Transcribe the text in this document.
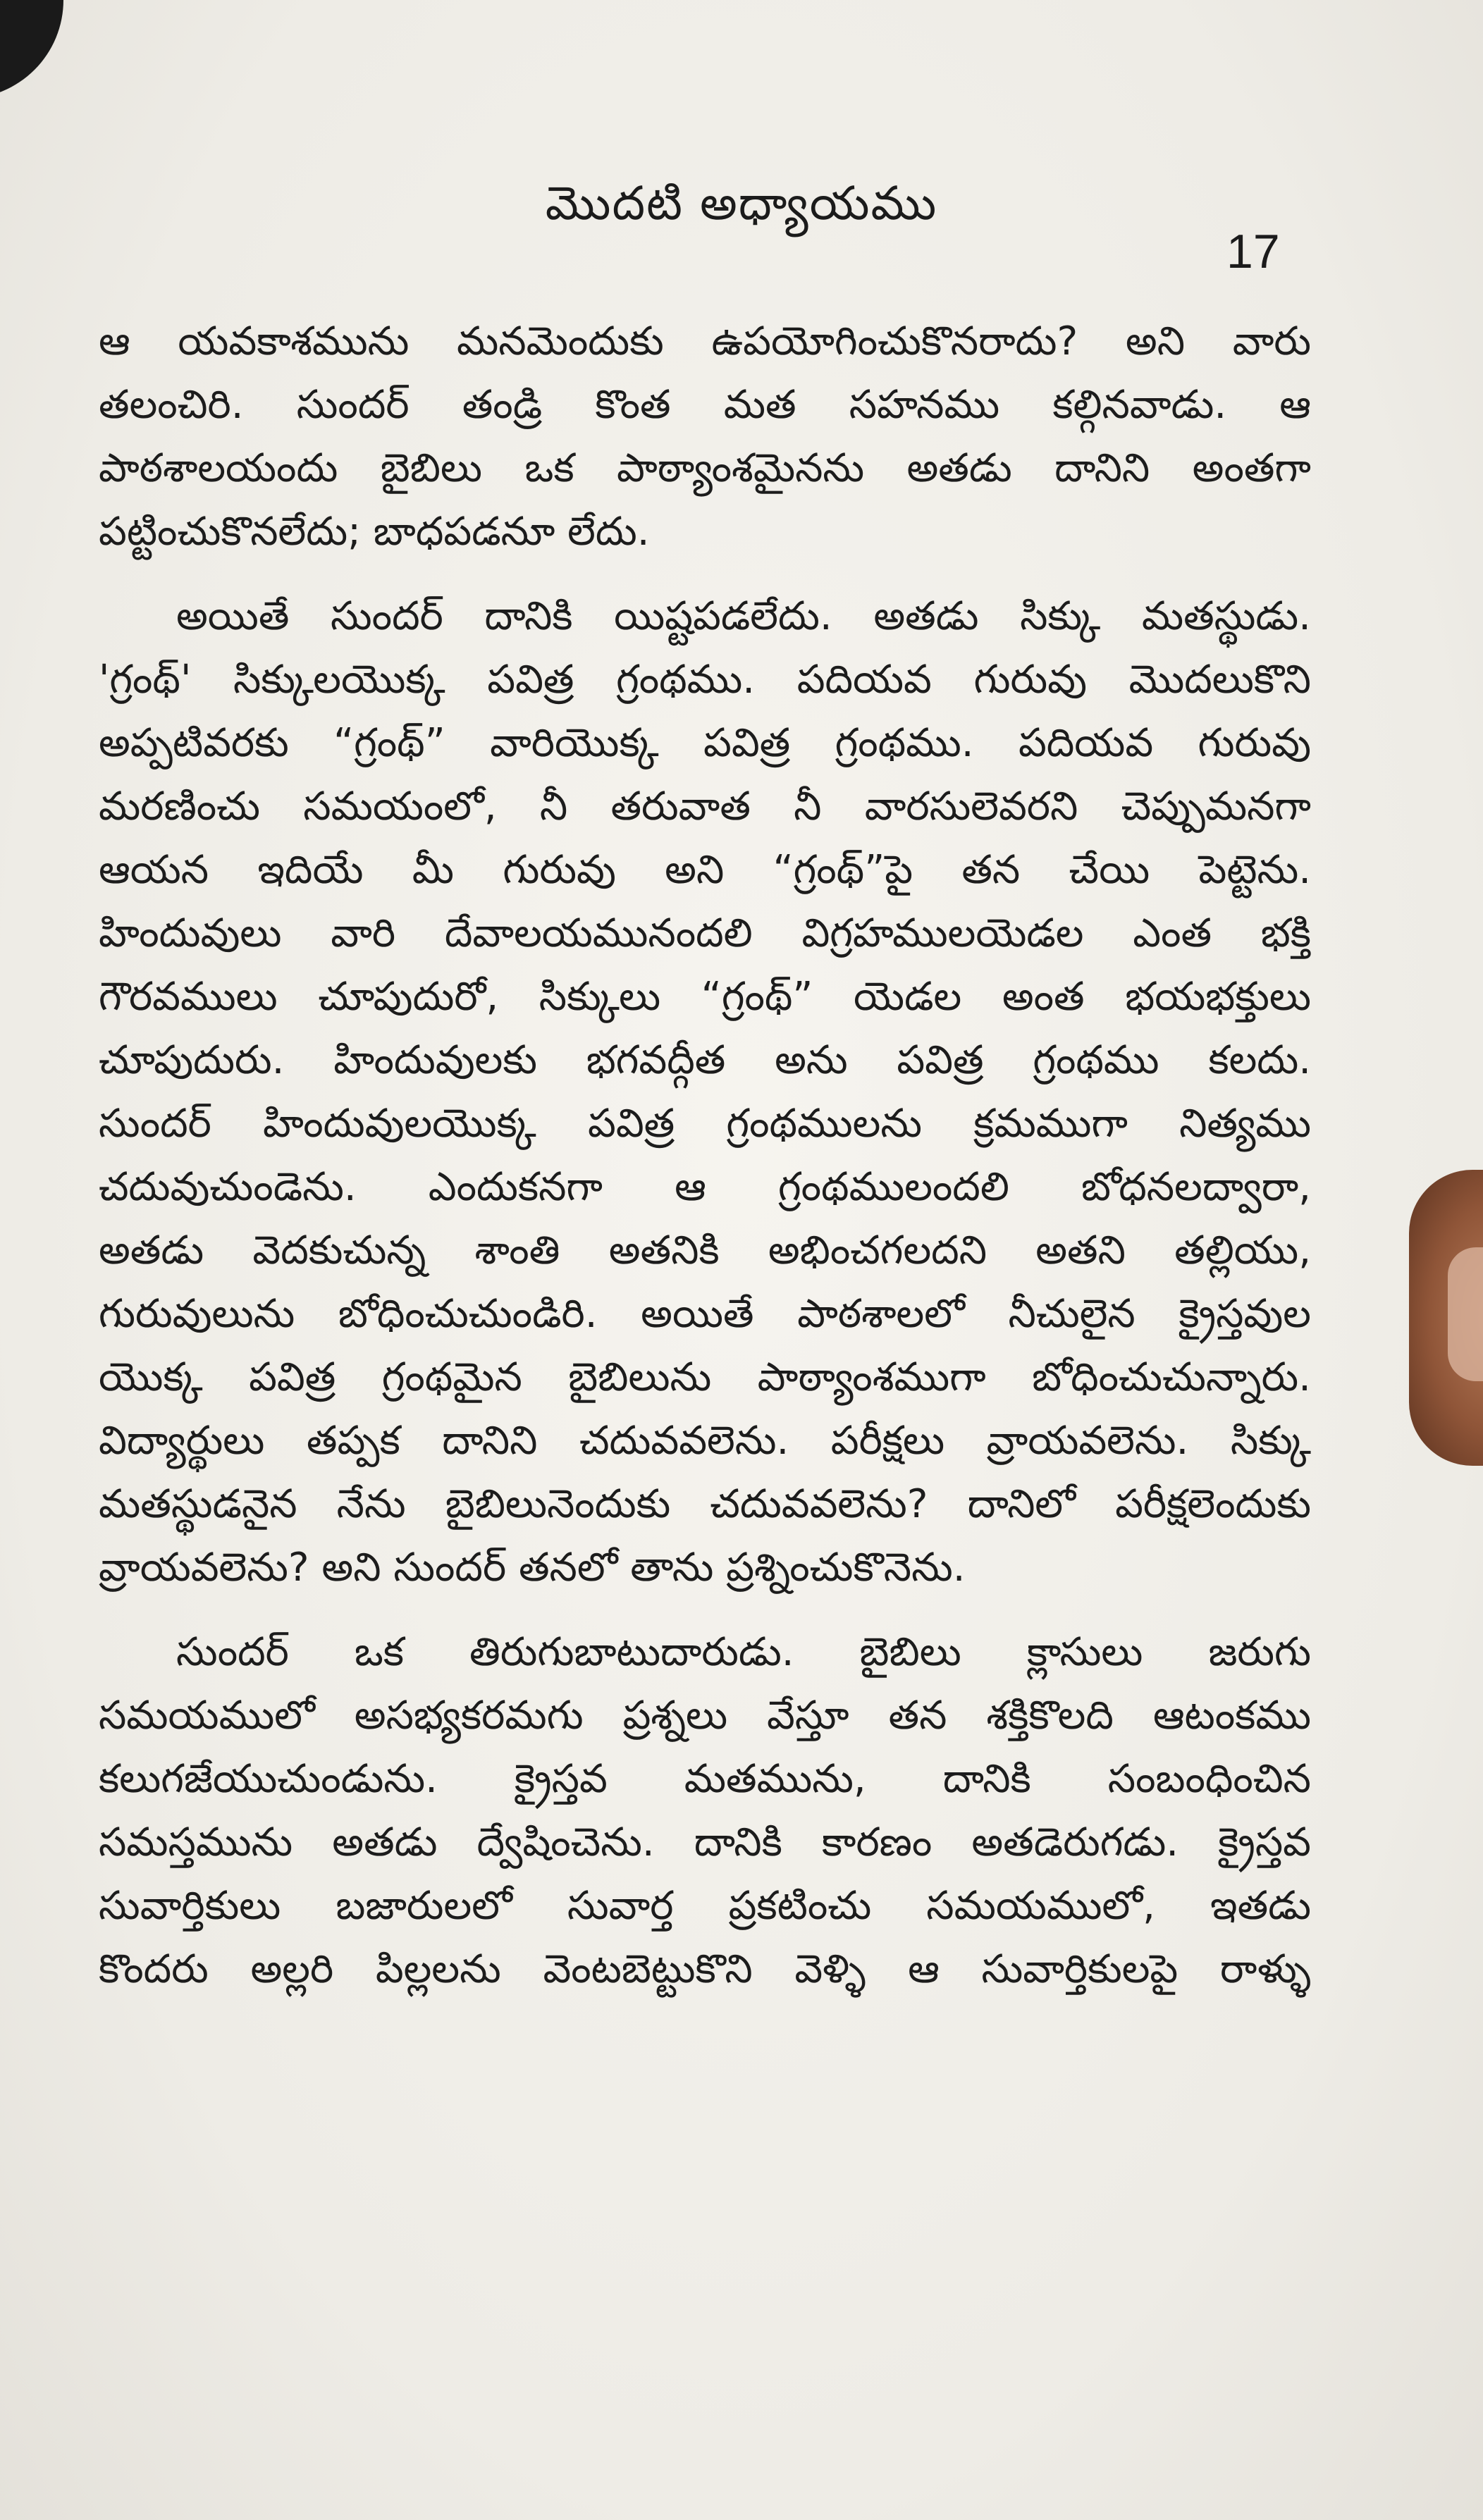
మొదటి అధ్యాయము
17
ఆ యవకాశమును మనమెందుకు ఉపయోగించుకొనరాదు? అని వారు
తలంచిరి. సుందర్ తండ్రి కొంత మత సహనము కల్గినవాడు. ఆ
పాఠశాలయందు బైబిలు ఒక పాఠ్యాంశమైనను అతడు దానిని అంతగా
పట్టించుకొనలేదు; బాధపడనూ లేదు.
అయితే సుందర్ దానికి యిష్టపడలేదు. అతడు సిక్కు మతస్థుడు.
'గ్రంథ్' సిక్కులయొక్క పవిత్ర గ్రంథము. పదియవ గురువు మొదలుకొని
అప్పటివరకు “గ్రంథ్” వారియొక్క పవిత్ర గ్రంథము. పదియవ గురువు
మరణించు సమయంలో, నీ తరువాత నీ వారసులెవరని చెప్పుమనగా
ఆయన ఇదియే మీ గురువు అని “గ్రంథ్”పై తన చేయి పెట్టెను.
హిందువులు వారి దేవాలయమునందలి విగ్రహములయెడల ఎంత భక్తి
గౌరవములు చూపుదురో, సిక్కులు “గ్రంథ్” యెడల అంత భయభక్తులు
చూపుదురు. హిందువులకు భగవద్గీత అను పవిత్ర గ్రంథము కలదు.
సుందర్ హిందువులయొక్క పవిత్ర గ్రంథములను క్రమముగా నిత్యము
చదువుచుండెను. ఎందుకనగా ఆ గ్రంథములందలి బోధనలద్వారా,
అతడు వెదకుచున్న శాంతి అతనికి అభించగలదని అతని తల్లియు,
గురువులును బోధించుచుండిరి. అయితే పాఠశాలలో నీచులైన క్రైస్తవుల
యొక్క పవిత్ర గ్రంథమైన బైబిలును పాఠ్యాంశముగా బోధించుచున్నారు.
విద్యార్థులు తప్పక దానిని చదువవలెను. పరీక్షలు వ్రాయవలెను. సిక్కు
మతస్థుడనైన నేను బైబిలునెందుకు చదువవలెను? దానిలో పరీక్షలెందుకు
వ్రాయవలెను? అని సుందర్ తనలో తాను ప్రశ్నించుకొనెను.
సుందర్ ఒక తిరుగుబాటుదారుడు. బైబిలు క్లాసులు జరుగు
సమయములో అసభ్యకరమగు ప్రశ్నలు వేస్తూ తన శక్తికొలది ఆటంకము
కలుగజేయుచుండును. క్రైస్తవ మతమును, దానికి సంబంధించిన
సమస్తమును అతడు ద్వేషించెను. దానికి కారణం అతడెరుగడు. క్రైస్తవ
సువార్తికులు బజారులలో సువార్త ప్రకటించు సమయములో, ఇతడు
కొందరు అల్లరి పిల్లలను వెంటబెట్టుకొని వెళ్ళి ఆ సువార్తికులపై రాళ్ళు
